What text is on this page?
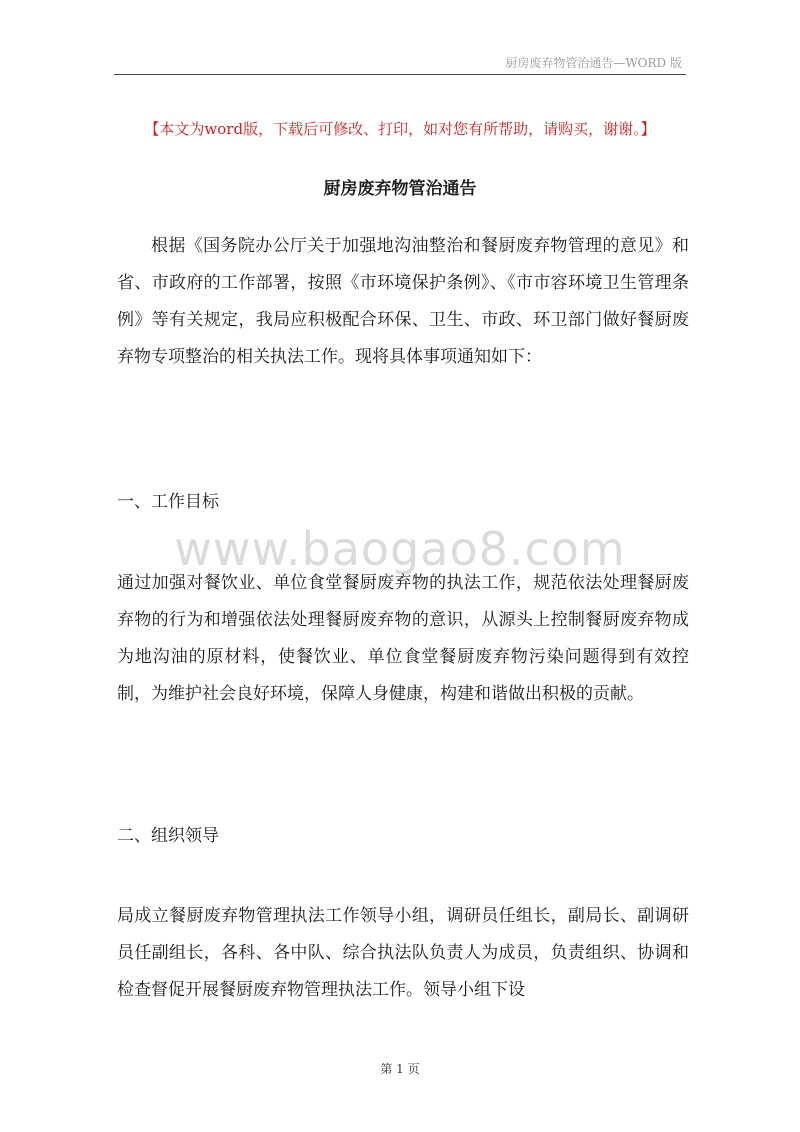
厨房废弃物管治通告—WORD 版
【本文为word版，下载后可修改、打印，如对您有所帮助，请购买，谢谢。】
厨房废弃物管治通告

根据《国务院办公厅关于加强地沟油整治和餐厨废弃物管理的意见》和省、市政府的工作部署，按照《市环境保护条例》、《市市容环境卫生管理条例》等有关规定，我局应积极配合环保、卫生、市政、环卫部门做好餐厨废弃物专项整治的相关执法工作。现将具体事项通知如下：

一、工作目标

www.baogao8.com

通过加强对餐饮业、单位食堂餐厨废弃物的执法工作，规范依法处理餐厨废弃物的行为和增强依法处理餐厨废弃物的意识，从源头上控制餐厨废弃物成为地沟油的原材料，使餐饮业、单位食堂餐厨废弃物污染问题得到有效控制，为维护社会良好环境，保障人身健康，构建和谐做出积极的贡献。

二、组织领导

局成立餐厨废弃物管理执法工作领导小组，调研员任组长，副局长、副调研员任副组长，各科、各中队、综合执法队负责人为成员，负责组织、协调和检查督促开展餐厨废弃物管理执法工作。领导小组下设

第 1 页
